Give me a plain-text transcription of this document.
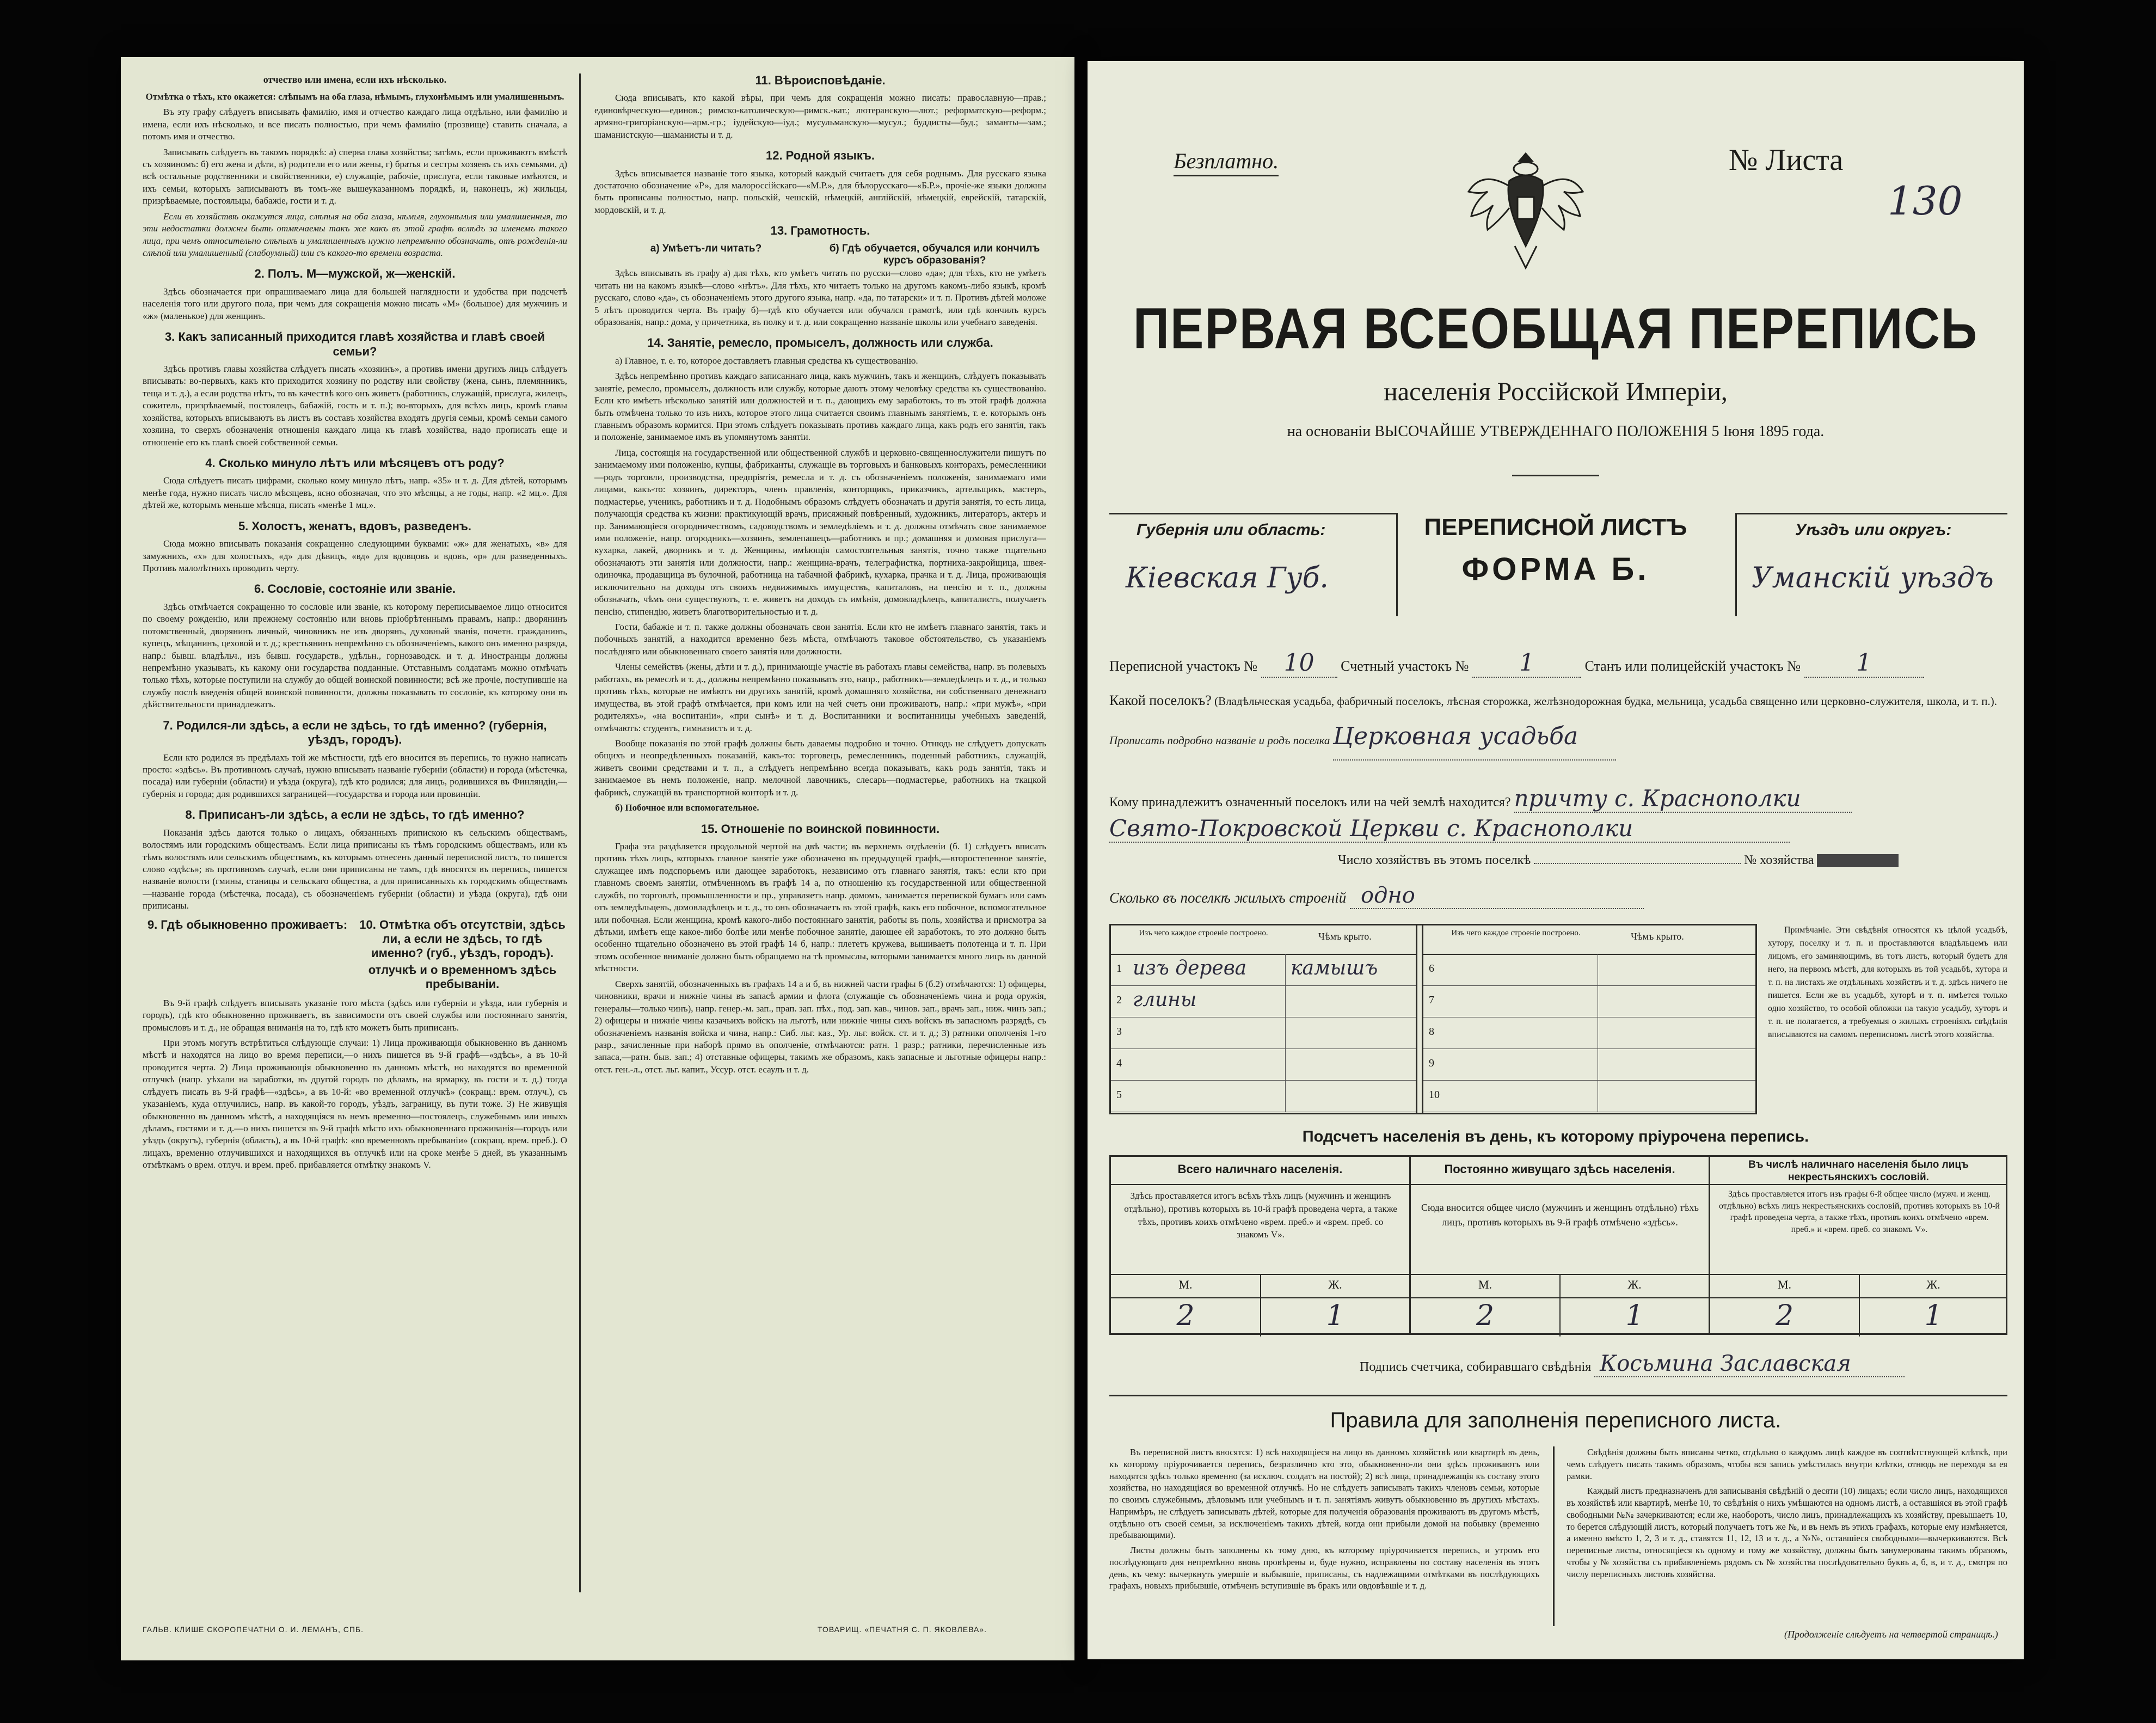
отчество или имена, если ихъ нѣсколько.

Отмѣтка о тѣхъ, кто окажется: слѣпымъ на оба глаза, нѣмымъ, глухонѣмымъ или умалишеннымъ.

Въ эту графу слѣдуетъ вписывать фамилію, имя и отчество каждаго лица отдѣльно, или фамилію и имена, если ихъ нѣсколько, и все писать полностью, при чемъ фамилію (прозвище) ставить сначала, а потомъ имя и отчество.

Записывать слѣдуетъ въ такомъ порядкѣ: а) сперва глава хозяйства; затѣмъ, если проживаютъ вмѣстѣ съ хозяиномъ: б) его жена и дѣти, в) родители его или жены, г) братья и сестры хозяевъ съ ихъ семьями, д) всѣ остальные родственники и свойственники, е) служащіе, рабочіе, прислуга, если таковые имѣются, и ихъ семьи, которыхъ записываютъ въ томъ-же вышеуказанномъ порядкѣ, и, наконецъ, ж) жильцы, призрѣваемые, постояльцы, бабажіе, гости и т. д.

Если въ хозяйствѣ окажутся лица, слѣпыя на оба глаза, нѣмыя, глухонѣмыя или умалишенныя, то эти недостатки должны быть отмѣчаемы такъ же какъ въ этой графѣ вслѣдъ за именемъ такого лица, при чемъ относительно слѣпыхъ и умалишенныхъ нужно непремѣнно обозначать, отъ рожденія-ли слѣпой или умалишенный (слабоумный) или съ какого-то времени возраста.

2. Полъ. М—мужской, ж—женскій.

Здѣсь обозначается при опрашиваемаго лица для большей наглядности и удобства при подсчетѣ населенія того или другого пола, при чемъ для сокращенія можно писать «М» (большое) для мужчинъ и «ж» (маленькое) для женщинъ.

3. Какъ записанный приходится главѣ хозяйства и главѣ своей семьи?

Здѣсь противъ главы хозяйства слѣдуетъ писать «хозяинъ», а противъ имени другихъ лицъ слѣдуетъ вписывать: во-первыхъ, какъ кто приходится хозяину по родству или свойству (жена, сынъ, племянникъ, теща и т. д.), а если родства нѣтъ, то въ качествѣ кого онъ живетъ (работникъ, служащій, прислуга, жилецъ, сожитель, призрѣваемый, постоялецъ, бабажій, гость и т. п.); во-вторыхъ, для всѣхъ лицъ, кромѣ главы хозяйства, которыхъ вписываютъ въ листъ въ составъ хозяйства входятъ другія семьи, кромѣ семьи самого хозяина, то сверхъ обозначенія отношенія каждаго лица къ главѣ хозяйства, надо прописать еще и отношеніе его къ главѣ своей собственной семьи.

4. Сколько минуло лѣтъ или мѣсяцевъ отъ роду?

Сюда слѣдуетъ писать цифрами, сколько кому минуло лѣтъ, напр. «35» и т. д. Для дѣтей, которымъ менѣе года, нужно писать число мѣсяцевъ, ясно обозначая, что это мѣсяцы, а не годы, напр. «2 мц.». Для дѣтей же, которымъ меньше мѣсяца, писать «менѣе 1 мц.».

5. Холостъ, женатъ, вдовъ, разведенъ.

Сюда можно вписывать показанія сокращенно следующими буквами: «ж» для женатыхъ, «в» для замужнихъ, «х» для холостыхъ, «д» для дѣвицъ, «вд» для вдовцовъ и вдовъ, «р» для разведенныхъ. Противъ малолѣтнихъ проводить черту.

6. Сословіе, состояніе или званіе.

Здѣсь отмѣчается сокращенно то сословіе или званіе, къ которому переписываемое лицо относится по своему рожденію, или прежнему состоянію или вновь пріобрѣтеннымъ правамъ, напр.: дворянинъ потомственный, дворянинъ личный, чиновникъ не изъ дворянъ, духовный званія, почетн. гражданинъ, купецъ, мѣщанинъ, цеховой и т. д.; крестьянинъ непремѣнно съ обозначеніемъ, какого онъ именно разряда, напр.: бывш. владѣльч., изъ бывш. государств., удѣльн., горнозаводск. и т. д. Иностранцы должны непремѣнно указывать, къ какому они государства подданные. Отставнымъ солдатамъ можно отмѣчать только тѣхъ, которые поступили на службу до общей воинской повинности; всѣ же прочіе, поступившіе на службу послѣ введенія общей воинской повинности, должны показывать то сословіе, къ которому они въ дѣйствительности принадлежатъ.

7. Родился-ли здѣсь, а если не здѣсь, то гдѣ именно? (губернія, уѣздъ, городъ).

Если кто родился въ предѣлахъ той же мѣстности, гдѣ его вносится въ перепись, то нужно написать просто: «здѣсь». Въ противномъ случаѣ, нужно вписывать названіе губерніи (области) и города (мѣстечка, посада) или губерніи (области) и уѣзда (округа), гдѣ кто родился; для лицъ, родившихся въ Финляндіи,—губернія и города; для родившихся заграницей—государства и города или провинціи.

8. Приписанъ-ли здѣсь, а если не здѣсь, то гдѣ именно?

Показанія здѣсь даются только о лицахъ, обязанныхъ припискою къ сельскимъ обществамъ, волостямъ или городскимъ обществамъ. Если лица приписаны къ тѣмъ городскимъ обществамъ, или къ тѣмъ волостямъ или сельскимъ обществамъ, къ которымъ отнесенъ данный переписной листъ, то пишется слово «здѣсь»; въ противномъ случаѣ, если они приписаны не тамъ, гдѣ вносятся въ перепись, пишется названіе волости (гмины, станицы и сельскаго общества, а для приписанныхъ къ городскимъ обществамъ—названіе города (мѣстечка, посада), съ обозначеніемъ губерніи (области) и уѣзда (округа), гдѣ они приписаны.

9. Гдѣ обыкновенно проживаетъ:	10. Отмѣтка объ отсутствіи, здѣсь ли, а если не здѣсь, то гдѣ именно? (губ., уѣздъ, городъ).
отлучкѣ и о временномъ здѣсь пребываніи.

Въ 9-й графѣ слѣдуетъ вписывать указаніе того мѣста (здѣсь или губерніи и уѣзда, или губернія и городъ), гдѣ кто обыкновенно проживаетъ, въ зависимости отъ своей службы или постояннаго занятія, промысловъ и т. д., не обращая вниманія на то, гдѣ кто можетъ быть приписанъ.

При этомъ могутъ встрѣтиться слѣдующіе случаи: 1) Лица проживающія обыкновенно въ данномъ мѣстѣ и находятся на лицо во время переписи,—о нихъ пишется въ 9-й графѣ—«здѣсь», а въ 10-й проводится черта. 2) Лица проживающія обыкновенно въ данномъ мѣстѣ, но находятся во временной отлучкѣ (напр. уѣхали на заработки, въ другой городъ по дѣламъ, на ярмарку, въ гости и т. д.) тогда слѣдуетъ писать въ 9-й графѣ—«здѣсь», а въ 10-й: «во временной отлучкѣ» (сокращ.: врем. отлуч.), съ указаніемъ, куда отлучились, напр. въ какой-то городъ, уѣздъ, заграницу, въ пути тоже. 3) Не живущія обыкновенно въ данномъ мѣстѣ, а находящіяся въ немъ временно—постоялецъ, служебнымъ или иныхъ дѣламъ, гостями и т. д.—о нихъ пишется въ 9-й графѣ мѣсто ихъ обыкновеннаго проживанія—городъ или уѣздъ (округъ), губернія (область), а въ 10-й графѣ: «во временномъ пребываніи» (сокращ. врем. преб.). О лицахъ, временно отлучившихся и находящихся въ отлучкѣ или на сроке менѣе 5 дней, въ указаннымъ отмѣткамъ о врем. отлуч. и врем. преб. прибавляется отмѣтку знакомъ V.

11. Вѣроисповѣданіе.

Сюда вписывать, кто какой вѣры, при чемъ для сокращенія можно писать: православную—прав.; единовѣрческую—единов.; римско-католическую—римск.-кат.; лютеранскую—лют.; реформатскую—реформ.; армяно-григоріанскую—арм.-гр.; іудейскую—іуд.; мусульманскую—мусул.; буддисты—буд.; заманты—зам.; шаманистскую—шаманисты и т. д.

12. Родной языкъ.

Здѣсь вписывается названіе того языка, который каждый считаетъ для себя роднымъ. Для русскаго языка достаточно обозначение «Р», для малороссійскаго—«М.Р.», для бѣлорусскаго—«Б.Р.», прочіе-же языки должны быть прописаны полностью, напр. польскій, чешскій, нѣмецкій, англійскій, нѣмецкій, еврейскій, татарскій, мордовскій, и т. д.

13. Грамотность.
а) Умѣетъ-ли читать?	б) Гдѣ обучается, обучался или кончилъ курсъ образованія?

Здѣсь вписывать въ графу а) для тѣхъ, кто умѣетъ читать по русски—слово «да»; для тѣхъ, кто не умѣетъ читать ни на какомъ языкѣ—слово «нѣтъ». Для тѣхъ, кто читаетъ только на другомъ какомъ-либо языкѣ, кромѣ русскаго, слово «да», съ обозначеніемъ этого другого языка, напр. «да, по татарски» и т. п. Противъ дѣтей моложе 5 лѣтъ проводится черта. Въ графу б)—гдѣ кто обучается или обучался грамотѣ, или гдѣ кончилъ курсъ образованія, напр.: дома, у причетника, въ полку и т. д. или сокращенно названіе школы или учебнаго заведенія.

14. Занятіе, ремесло, промыселъ, должность или служба.

а) Главное, т. е. то, которое доставляетъ главныя средства къ существованію.

Здѣсь непремѣнно противъ каждаго записаннаго лица, какъ мужчинъ, такъ и женщинъ, слѣдуетъ показывать занятіе, ремесло, промыселъ, должность или службу, которые даютъ этому человѣку средства къ существованію. Если кто имѣетъ нѣсколько занятій или должностей и т. п., дающихъ ему заработокъ, то въ этой графѣ должна быть отмѣчена только то изъ нихъ, которое этого лица считается своимъ главнымъ занятіемъ, т. е. которымъ онъ главнымъ образомъ кормится. При этомъ слѣдуетъ показывать противъ каждаго лица, какъ родъ его занятія, такъ и положеніе, занимаемое имъ въ упомянутомъ занятіи.

Лица, состоящія на государственной или общественной службѣ и церковно-священнослужители пишутъ по занимаемому ими положенію, купцы, фабриканты, служащіе въ торговыхъ и банковыхъ конторахъ, ремесленники—родъ торговли, производства, предпріятія, ремесла и т. д. съ обозначеніемъ положенія, занимаемаго ими лицами, какъ-то: хозяинъ, директоръ, членъ правленія, конторщикъ, приказчикъ, артельщикъ, мастеръ, подмастерье, ученикъ, работникъ и т. д. Подобнымъ образомъ слѣдуетъ обозначать и другія занятія, то есть лица, получающія средства къ жизни: практикующій врачъ, присяжный повѣренный, художникъ, литераторъ, актеръ и пр. Занимающіеся огородничествомъ, садоводствомъ и земледѣліемъ и т. д. должны отмѣчать свое занимаемое ими положеніе, напр. огородникъ—хозяинъ, землепашецъ—работникъ и пр.; домашняя и домовая прислуга—кухарка, лакей, дворникъ и т. д. Женщины, имѣющія самостоятельныя занятія, точно также тщательно обозначаютъ эти занятія или должности, напр.: женщина-врачъ, телеграфистка, портниха-закройщица, швея-одиночка, продавщица въ булочной, работница на табачной фабрикѣ, кухарка, прачка и т. д. Лица, проживающія исключительно на доходы отъ своихъ недвижимыхъ имуществъ, капиталовъ, на пенсію и т. п., должны обозначать, чѣмъ они существуютъ, т. е. живетъ на доходъ съ имѣнія, домовладѣлецъ, капиталистъ, получаетъ пенсію, стипендію, живетъ благотворительностью и т. д.

Гости, бабажіе и т. п. также должны обозначать свои занятія. Если кто не имѣетъ главнаго занятія, такъ и побочныхъ занятій, а находится временно безъ мѣста, отмѣчаютъ таковое обстоятельство, съ указаніемъ послѣдняго или обыкновеннаго своего занятія или должности.

Члены семействъ (жены, дѣти и т. д.), принимающіе участіе въ работахъ главы семейства, напр. въ полевыхъ работахъ, въ ремеслѣ и т. д., должны непремѣнно показывать это, напр., работникъ—земледѣлецъ и т. д., и только противъ тѣхъ, которые не имѣютъ ни другихъ занятій, кромѣ домашняго хозяйства, ни собственнаго денежнаго имущества, въ этой графѣ отмѣчается, при комъ или на чей счетъ они проживаютъ, напр.: «при мужѣ», «при родителяхъ», «на воспитаніи», «при сынѣ» и т. д. Воспитанники и воспитанницы учебныхъ заведеній, отмѣчаютъ: студентъ, гимназистъ и т. д.

Вообще показанія по этой графѣ должны быть даваемы подробно и точно. Отнюдь не слѣдуетъ допускать общихъ и неопредѣленныхъ показаній, какъ-то: торговецъ, ремесленникъ, поденный работникъ, служащій, живетъ своими средствами и т. п., а слѣдуетъ непремѣнно всегда показывать, какъ родъ занятія, такъ и занимаемое въ немъ положеніе, напр. мелочной лавочникъ, слесарь—подмастерье, работникъ на ткацкой фабрикѣ, служащій въ транспортной конторѣ и т. д.

б) Побочное или вспомогательное.

15. Отношеніе по воинской повинности.

Графа эта раздѣляется продольной чертой на двѣ части; въ верхнемъ отдѣленіи (б. 1) слѣдуетъ вписать противъ тѣхъ лицъ, которыхъ главное занятіе уже обозначено въ предыдущей графѣ,—второстепенное занятіе, служащее имъ подспорьемъ или дающее заработокъ, независимо отъ главнаго занятія, такъ: если кто при главномъ своемъ занятіи, отмѣченномъ въ графѣ 14 а, по отношенію къ государственной или общественной службѣ, по торговлѣ, промышленности и пр., управляетъ напр. домомъ, занимается перепиской бумагъ или самъ отъ земледѣльцевъ, домовладѣлецъ и т. д., то онъ обозначаетъ въ этой графѣ, какъ его побочное, вспомогательное или побочная. Если женщина, кромѣ какого-либо постояннаго занятія, работы въ поль, хозяйства и присмотра за дѣтьми, имѣетъ еще какое-либо болѣе или менѣе побочное занятіе, дающее ей заработокъ, то это должно быть особенно тщательно обозначено въ этой графѣ 14 б, напр.: плететъ кружева, вышиваетъ полотенца и т. п. При этомъ особенное вниманіе должно быть обращаемо на тѣ промыслы, которыми занимается много лицъ въ данной мѣстности.

Сверхъ занятій, обозначенныхъ въ графахъ 14 а и б, въ нижней части графы 6 (б.2) отмѣчаются: 1) офицеры, чиновники, врачи и нижніе чины въ запасѣ армии и флота (служащіе съ обозначеніемъ чина и рода оружія, генералы—только чинъ), напр. генер.-м. зап., прап. зап. пѣх., под. зап. кав., чинов. зап., врачъ зап., ниж. чинъ зап.; 2) офицеры и нижніе чины казачьихъ войскъ на льготѣ, или нижніе чины сихъ войскъ въ запасномъ разрядѣ, съ обозначеніемъ названія войска и чина, напр.: Сиб. льг. каз., Ур. льг. войск. ст. и т. д.; 3) ратники ополченія 1-го разр., зачисленные при наборѣ прямо въ ополченіе, отмѣчаются: ратн. 1 разр.; ратники, перечисленные изъ запаса,—ратн. быв. зап.; 4) отставные офицеры, такимъ же образомъ, какъ запасные и льготные офицеры напр.: отст. ген.-л., отст. льг. капит., Уссур. отст. есаулъ и т. д.

ГАЛЬВ. КЛИШЕ СКОРОПЕЧАТНИ О. И. ЛЕМАНЪ, СПБ.	ТОВАРИЩ. «ПЕЧАТНЯ С. П. ЯКОВЛЕВА».
Безплатно.	№ Листа
130
ПЕРВАЯ ВСЕОБЩАЯ ПЕРЕПИСЬ
населенія Россійской Имперіи,
на основаніи ВЫСОЧАЙШЕ УТВЕРЖДЕННАГО ПОЛОЖЕНІЯ 5 Іюня 1895 года.
Губернія или область:
Кіевская Губ.
ПЕРЕПИСНОЙ ЛИСТЪ
ФОРМА Б.
Уѣздъ или округъ:
Уманскій уѣздъ
Переписной участокъ № 10 Счетный участокъ № 1	Станъ или полицейскій участокъ № 1
Какой поселокъ? (Владѣльческая усадьба, фабричный поселокъ, лѣсная сторожка, желѣзнодорожная будка, мельница, усадьба священно или церковно-служителя, школа, и т. п.). Прописать подробно названіе и родъ поселка Церковная усадьба
Кому принадлежитъ означенный поселокъ или на чей землѣ находится? причту с. Краснополки
Свято-Покровской Церкви с. Краснополки
Число хозяйствъ въ этомъ поселкѣ	№ хозяйства
Сколько въ поселкѣ жилыхъ строеній одно
Изъ чего каждое строеніе построено.	Чѣмъ крыто.	Изъ чего каждое строеніе построено.	Чѣмъ крыто.
1 изъ дерева камышъ
2 глины
3
4
5
6
7
8
9
10
Примѣчаніе. Эти свѣдѣнія относятся къ цѣлой усадьбѣ, хутору, поселку и т. п. и проставляются владѣльцемъ или лицомъ, его заминяющимъ, въ тотъ листъ, который будетъ для него, на первомъ мѣстѣ, для которыхъ въ той усадьбѣ, хутора и т. п. на листахъ же отдѣльныхъ хозяйствъ и т. д. здѣсь ничего не пишется. Если же въ усадьбѣ, хуторѣ и т. п. имѣется только одно хозяйство, то особой обложки на такую усадьбу, хуторъ и т. п. не полагается, а требуемыя о жилыхъ строеніяхъ свѣдѣнія вписываются на самомъ переписномъ листѣ этого хозяйства.
Подсчетъ населенія въ день, къ которому пріурочена перепись.
Всего наличнаго населенія.	Постоянно живущаго здѣсь населенія.	Въ числѣ наличнаго населенія было лицъ некрестьянскихъ сословій.
Здѣсь проставляется итогъ всѣхъ тѣхъ лицъ (мужчинъ и женщинъ отдѣльно), противъ которыхъ въ 10-й графѣ проведена черта, а также тѣхъ, противъ коихъ отмѣчено «врем. преб.» и «врем. преб. со знакомъ V».
Сюда вносится общее число (мужчинъ и женщинъ отдѣльно) тѣхъ лицъ, противъ которыхъ въ 9-й графѣ отмѣчено «здѣсь».
Здѣсь проставляется итогъ изъ графы 6-й общее число (мужч. и женщ. отдѣльно) всѣхъ лицъ некрестьянскихъ сословій, противъ которыхъ въ 10-й графѣ проведена черта, а также тѣхъ, противъ коихъ отмѣчено «врем. преб.» и «врем. преб. со знакомъ V».
М.	Ж.	М.	Ж.	М.	Ж.
2	1	2	1	2	1
Подпись счетчика, собиравшаго свѣдѣнія Косьмина Заславская
Правила для заполненія переписного листа.

Въ переписной листъ вносятся: 1) всѣ находящіеся на лицо въ данномъ хозяйствѣ или квартирѣ въ день, къ которому пріурочивается перепись, безразлично кто это, обыкновенно-ли они здѣсь проживаютъ или находятся здѣсь только временно (за исключ. солдатъ на постой); 2) всѣ лица, принадлежащія къ составу этого хозяйства, но находящіяся во временной отлучкѣ. Но не слѣдуетъ записывать такихъ членовъ семьи, которые по своимъ служебнымъ, дѣловымъ или учебнымъ и т. п. занятіямъ живутъ обыкновенно въ другихъ мѣстахъ. Напримѣръ, не слѣдуетъ записывать дѣтей, которые для полученія образованія проживаютъ въ другомъ мѣстѣ, отдѣльно отъ своей семьи, за исключеніемъ такихъ дѣтей, когда они прибыли домой на побывку (временно пребывающими).

Листы должны быть заполнены къ тому дню, къ которому пріурочивается перепись, и утромъ его послѣдующаго дня непремѣнно вновь провѣрены и, буде нужно, исправлены по составу населенія въ этотъ день, къ чему: вычеркнуть умершіе и выбывшіе, приписаны, съ надлежащими отмѣтками въ послѣдующихъ графахъ, новыхъ прибывшіе, отмѣченъ вступившіе въ бракъ или овдовѣвшіе и т. д.

Свѣдѣнія должны быть вписаны четко, отдѣльно о каждомъ лицѣ каждое въ соотвѣтствующей клѣткѣ, при чемъ слѣдуетъ писать такимъ образомъ, чтобы вся запись умѣстилась внутри клѣтки, отнюдь не переходя за ея рамки.

Каждый листъ предназначенъ для записыванія свѣдѣній о десяти (10) лицахъ; если число лицъ, находящихся въ хозяйствѣ или квартирѣ, менѣе 10, то свѣдѣнія о нихъ умѣщаются на одномъ листѣ, а оставшіяся въ этой графѣ свободными №№ зачеркиваются; если же, наоборотъ, число лицъ, принадлежащихъ къ хозяйству, превышаетъ 10, то берется слѣдующій листъ, который получаетъ тотъ же №, и въ немъ въ этихъ графахъ, которые ему измѣняется, а именно вмѣсто 1, 2, 3 и т. д., ставятся 11, 12, 13 и т. д., а №№, оставшіеся свободными—вычеркиваются. Всѣ переписные листы, относящіеся къ одному и тому же хозяйству, должны быть занумерованы такимъ образомъ, чтобы у № хозяйства съ прибавленіемъ рядомъ съ № хозяйства послѣдовательно буквъ а, б, в, и т. д., смотря по числу переписныхъ листовъ хозяйства.

(Продолженіе слѣдуетъ на четвертой страницѣ.)
